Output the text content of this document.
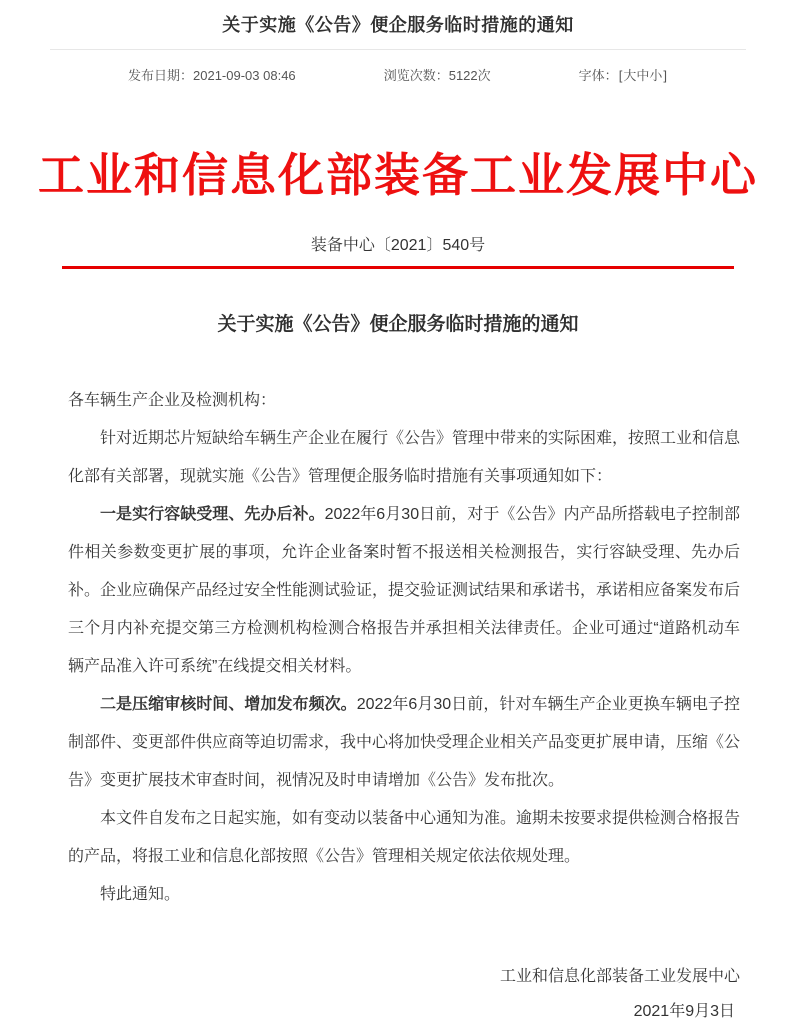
关于实施《公告》便企服务临时措施的通知
发布日期：2021-09-03 08:46	浏览次数：5122次	字体：[大中小]
工业和信息化部装备工业发展中心
装备中心〔2021〕540号
关于实施《公告》便企服务临时措施的通知

各车辆生产企业及检测机构：

针对近期芯片短缺给车辆生产企业在履行《公告》管理中带来的实际困难，按照工业和信息化部有关部署，现就实施《公告》管理便企服务临时措施有关事项通知如下：

一是实行容缺受理、先办后补。2022年6月30日前，对于《公告》内产品所搭载电子控制部件相关参数变更扩展的事项，允许企业备案时暂不报送相关检测报告，实行容缺受理、先办后补。企业应确保产品经过安全性能测试验证，提交验证测试结果和承诺书，承诺相应备案发布后三个月内补充提交第三方检测机构检测合格报告并承担相关法律责任。企业可通过“道路机动车辆产品准入许可系统”在线提交相关材料。

二是压缩审核时间、增加发布频次。2022年6月30日前，针对车辆生产企业更换车辆电子控制部件、变更部件供应商等迫切需求，我中心将加快受理企业相关产品变更扩展申请，压缩《公告》变更扩展技术审查时间，视情况及时申请增加《公告》发布批次。

本文件自发布之日起实施，如有变动以装备中心通知为准。逾期未按要求提供检测合格报告的产品，将报工业和信息化部按照《公告》管理相关规定依法依规处理。

特此通知。

工业和信息化部装备工业发展中心
2021年9月3日
